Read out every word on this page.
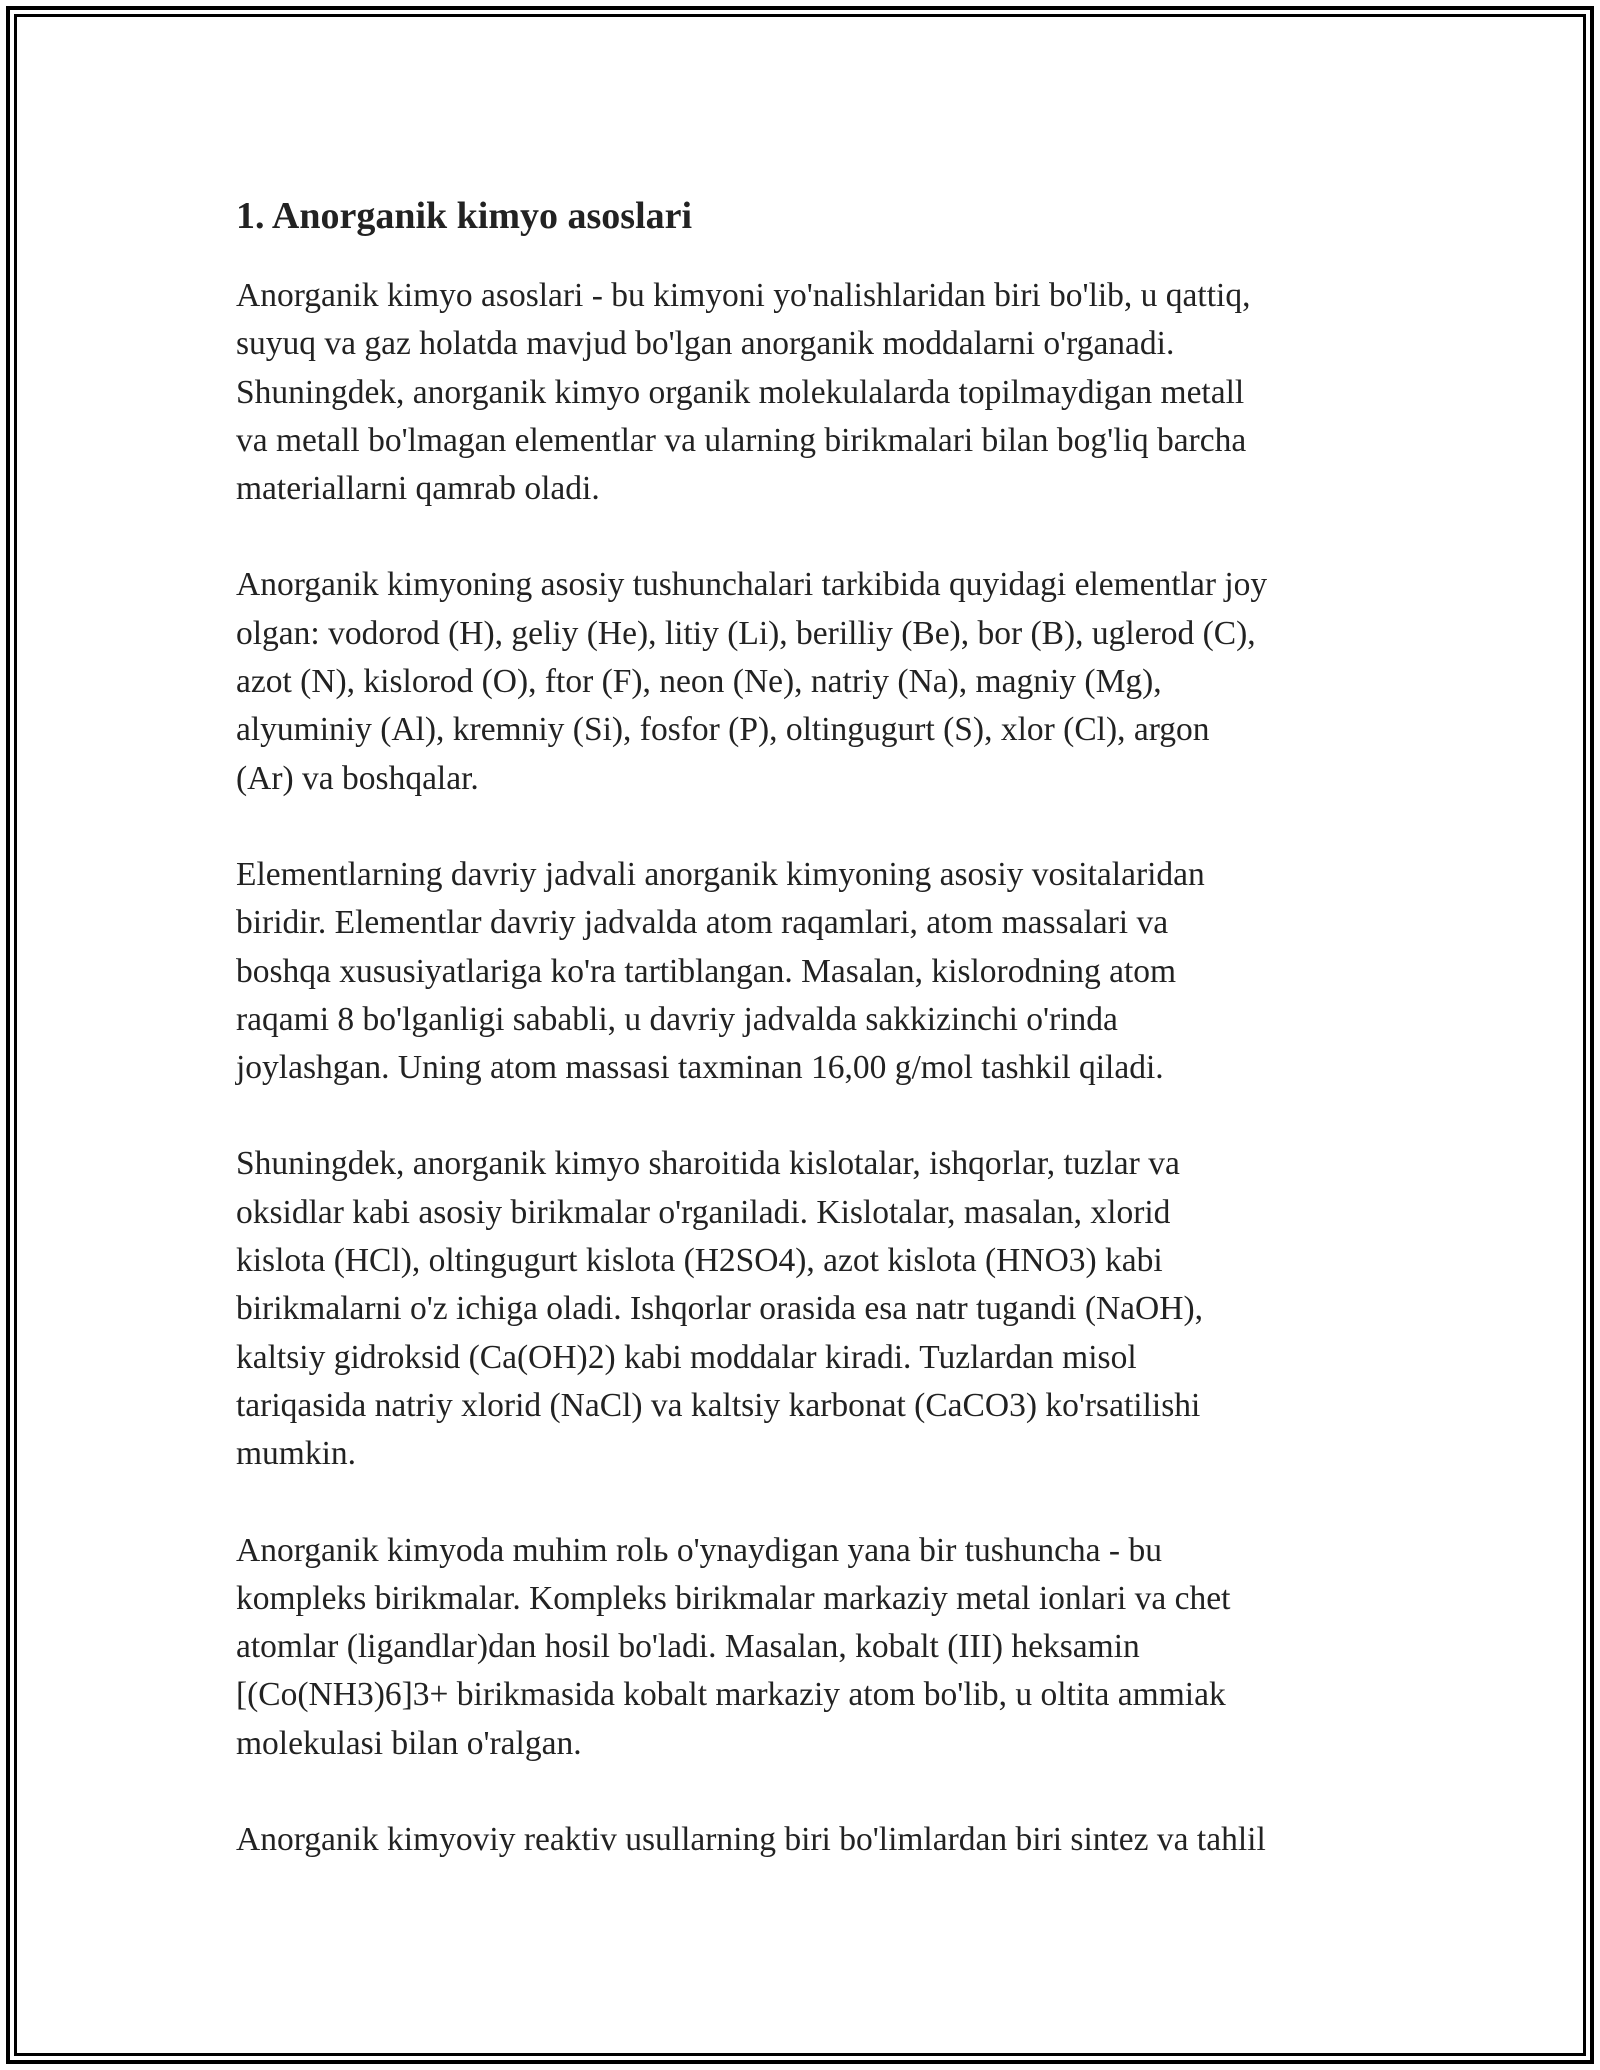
1. Anorganik kimyo asoslari

Anorganik kimyo asoslari - bu kimyoni yo'nalishlaridan biri bo'lib, u qattiq,
suyuq va gaz holatda mavjud bo'lgan anorganik moddalarni o'rganadi.
Shuningdek, anorganik kimyo organik molekulalarda topilmaydigan metall
va metall bo'lmagan elementlar va ularning birikmalari bilan bog'liq barcha
materiallarni qamrab oladi.

Anorganik kimyoning asosiy tushunchalari tarkibida quyidagi elementlar joy
olgan: vodorod (H), geliy (He), litiy (Li), berilliy (Be), bor (B), uglerod (C),
azot (N), kislorod (O), ftor (F), neon (Ne), natriy (Na), magniy (Mg),
alyuminiy (Al), kremniy (Si), fosfor (P), oltingugurt (S), xlor (Cl), argon
(Ar) va boshqalar.

Elementlarning davriy jadvali anorganik kimyoning asosiy vositalaridan
biridir. Elementlar davriy jadvalda atom raqamlari, atom massalari va
boshqa xususiyatlariga ko'ra tartiblangan. Masalan, kislorodning atom
raqami 8 bo'lganligi sababli, u davriy jadvalda sakkizinchi o'rinda
joylashgan. Uning atom massasi taxminan 16,00 g/mol tashkil qiladi.

Shuningdek, anorganik kimyo sharoitida kislotalar, ishqorlar, tuzlar va
oksidlar kabi asosiy birikmalar o'rganiladi. Kislotalar, masalan, xlorid
kislota (HCl), oltingugurt kislota (H2SO4), azot kislota (HNO3) kabi
birikmalarni o'z ichiga oladi. Ishqorlar orasida esa natr tugandi (NaOH),
kaltsiy gidroksid (Ca(OH)2) kabi moddalar kiradi. Tuzlardan misol
tariqasida natriy xlorid (NaCl) va kaltsiy karbonat (CaCO3) ko'rsatilishi
mumkin.

Anorganik kimyoda muhim rolь o'ynaydigan yana bir tushuncha - bu
kompleks birikmalar. Kompleks birikmalar markaziy metal ionlari va chet
atomlar (ligandlar)dan hosil bo'ladi. Masalan, kobalt (III) heksamin
[(Co(NH3)6]3+ birikmasida kobalt markaziy atom bo'lib, u oltita ammiak
molekulasi bilan o'ralgan.

Anorganik kimyoviy reaktiv usullarning biri bo'limlardan biri sintez va tahlil
